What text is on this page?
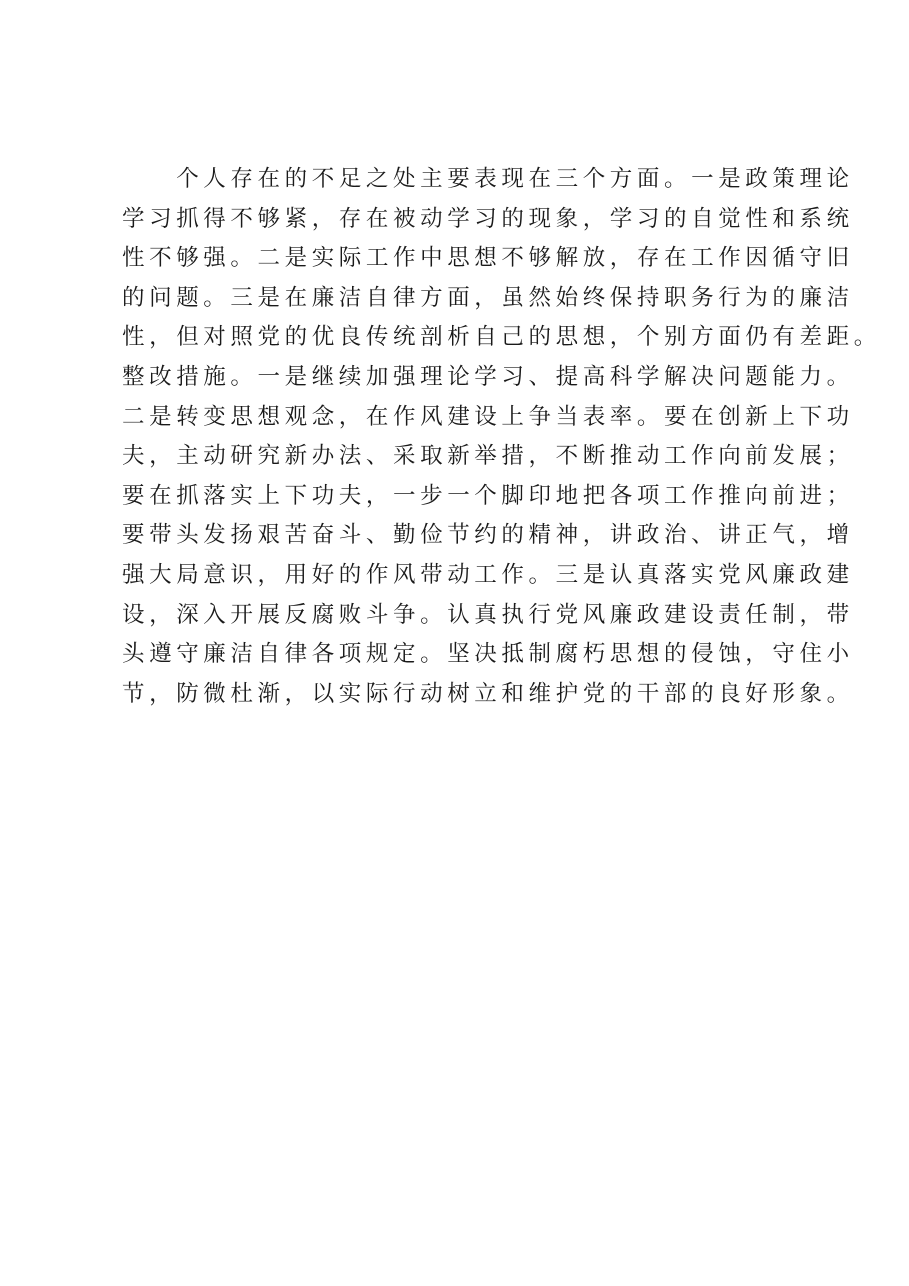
　　个人存在的不足之处主要表现在三个方面。一是政策理论
学习抓得不够紧，存在被动学习的现象，学习的自觉性和系统
性不够强。二是实际工作中思想不够解放，存在工作因循守旧
的问题。三是在廉洁自律方面，虽然始终保持职务行为的廉洁
性，但对照党的优良传统剖析自己的思想，个别方面仍有差距。
整改措施。一是继续加强理论学习、提高科学解决问题能力。
二是转变思想观念，在作风建设上争当表率。要在创新上下功
夫，主动研究新办法、采取新举措，不断推动工作向前发展；
要在抓落实上下功夫，一步一个脚印地把各项工作推向前进；
要带头发扬艰苦奋斗、勤俭节约的精神，讲政治、讲正气，增
强大局意识，用好的作风带动工作。三是认真落实党风廉政建
设，深入开展反腐败斗争。认真执行党风廉政建设责任制，带
头遵守廉洁自律各项规定。坚决抵制腐朽思想的侵蚀，守住小
节，防微杜渐，以实际行动树立和维护党的干部的良好形象。
